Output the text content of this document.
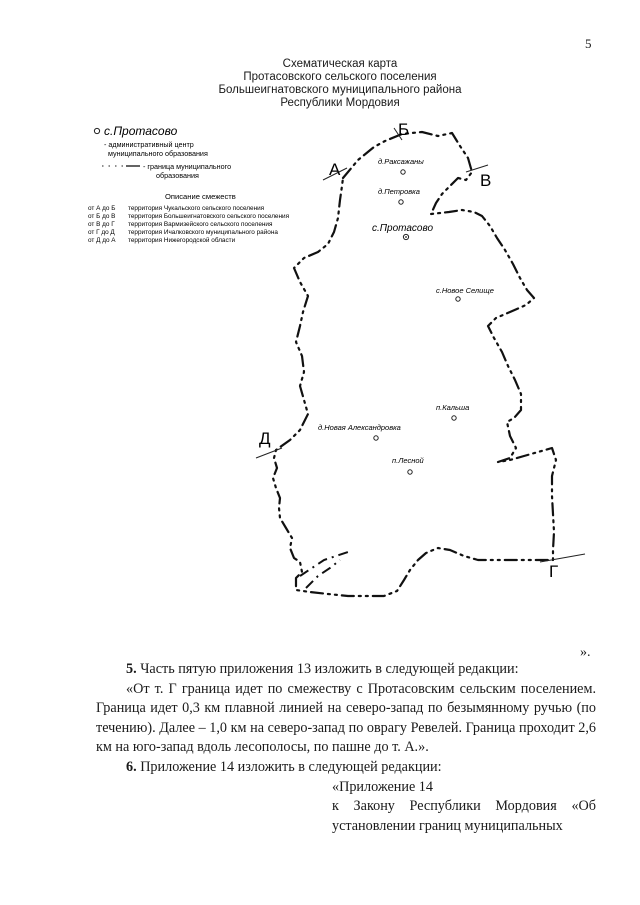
5
Схематическая карта
Протасовского сельского поселения
Большеигнатовского муниципального района
Республики Мордовия
с.Протасово
- административный центр
муниципального образования
- граница муниципального
образования
Описание смежеств
от А до Б территория Чукальского сельского поселения
от Б до В территория Большеигнатовского сельского поселения
от В до Г территория Вармизейского сельского поселения
от Г до Д территория Ичалковского муниципального района
от Д до А территория Нижегородской области
А
Б
В
Г
Д
д.Ракс​ажаны
д.Петровка
с.Протасово
с.Новое Селище
п.Кальша
д.Новая Александровка
п.Лесной
».

5. Часть пятую приложения 13 изложить в следующей редакции:

«От т. Г граница идет по смежеству с Протасовским сельским поселением. Граница идет 0,3 км плавной линией на северо-запад по безымянному ручью (по течению). Далее – 1,0 км на северо-запад по оврагу Ревелей. Граница проходит 2,6 км на юго-запад вдоль лесополосы, по пашне до т. А.».

6. Приложение 14 изложить в следующей редакции:

«Приложение 14
к Закону Республики Мордовия «Об
установлении границ муниципальных
